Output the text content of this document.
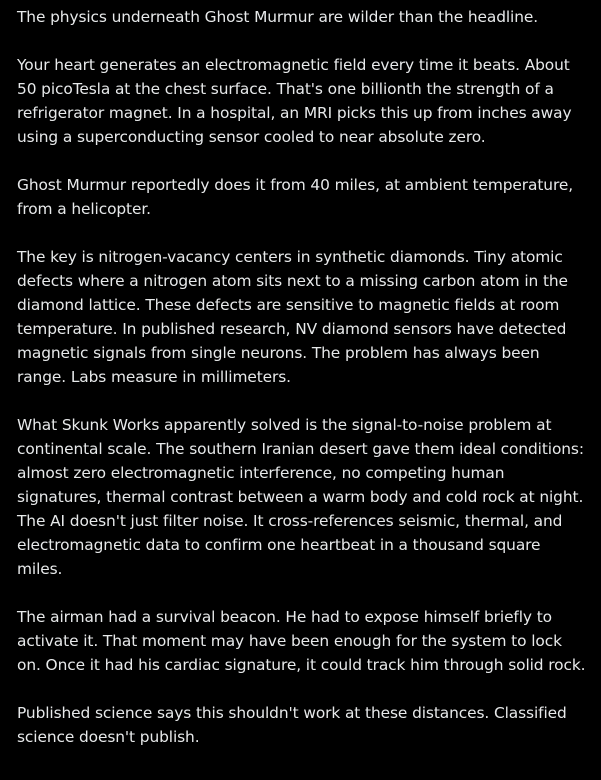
The physics underneath Ghost Murmur are wilder than the headline.

Your heart generates an electromagnetic field every time it beats. About 50 picoTesla at the chest surface. That's one billionth the strength of a refrigerator magnet. In a hospital, an MRI picks this up from inches away using a superconducting sensor cooled to near absolute zero.

Ghost Murmur reportedly does it from 40 miles, at ambient temperature, from a helicopter.

The key is nitrogen-vacancy centers in synthetic diamonds. Tiny atomic defects where a nitrogen atom sits next to a missing carbon atom in the diamond lattice. These defects are sensitive to magnetic fields at room temperature. In published research, NV diamond sensors have detected magnetic signals from single neurons. The problem has always been range. Labs measure in millimeters.

What Skunk Works apparently solved is the signal-to-noise problem at continental scale. The southern Iranian desert gave them ideal conditions: almost zero electromagnetic interference, no competing human signatures, thermal contrast between a warm body and cold rock at night. The AI doesn't just filter noise. It cross-references seismic, thermal, and electromagnetic data to confirm one heartbeat in a thousand square miles.

The airman had a survival beacon. He had to expose himself briefly to activate it. That moment may have been enough for the system to lock on. Once it had his cardiac signature, it could track him through solid rock.

Published science says this shouldn't work at these distances. Classified science doesn't publish.
